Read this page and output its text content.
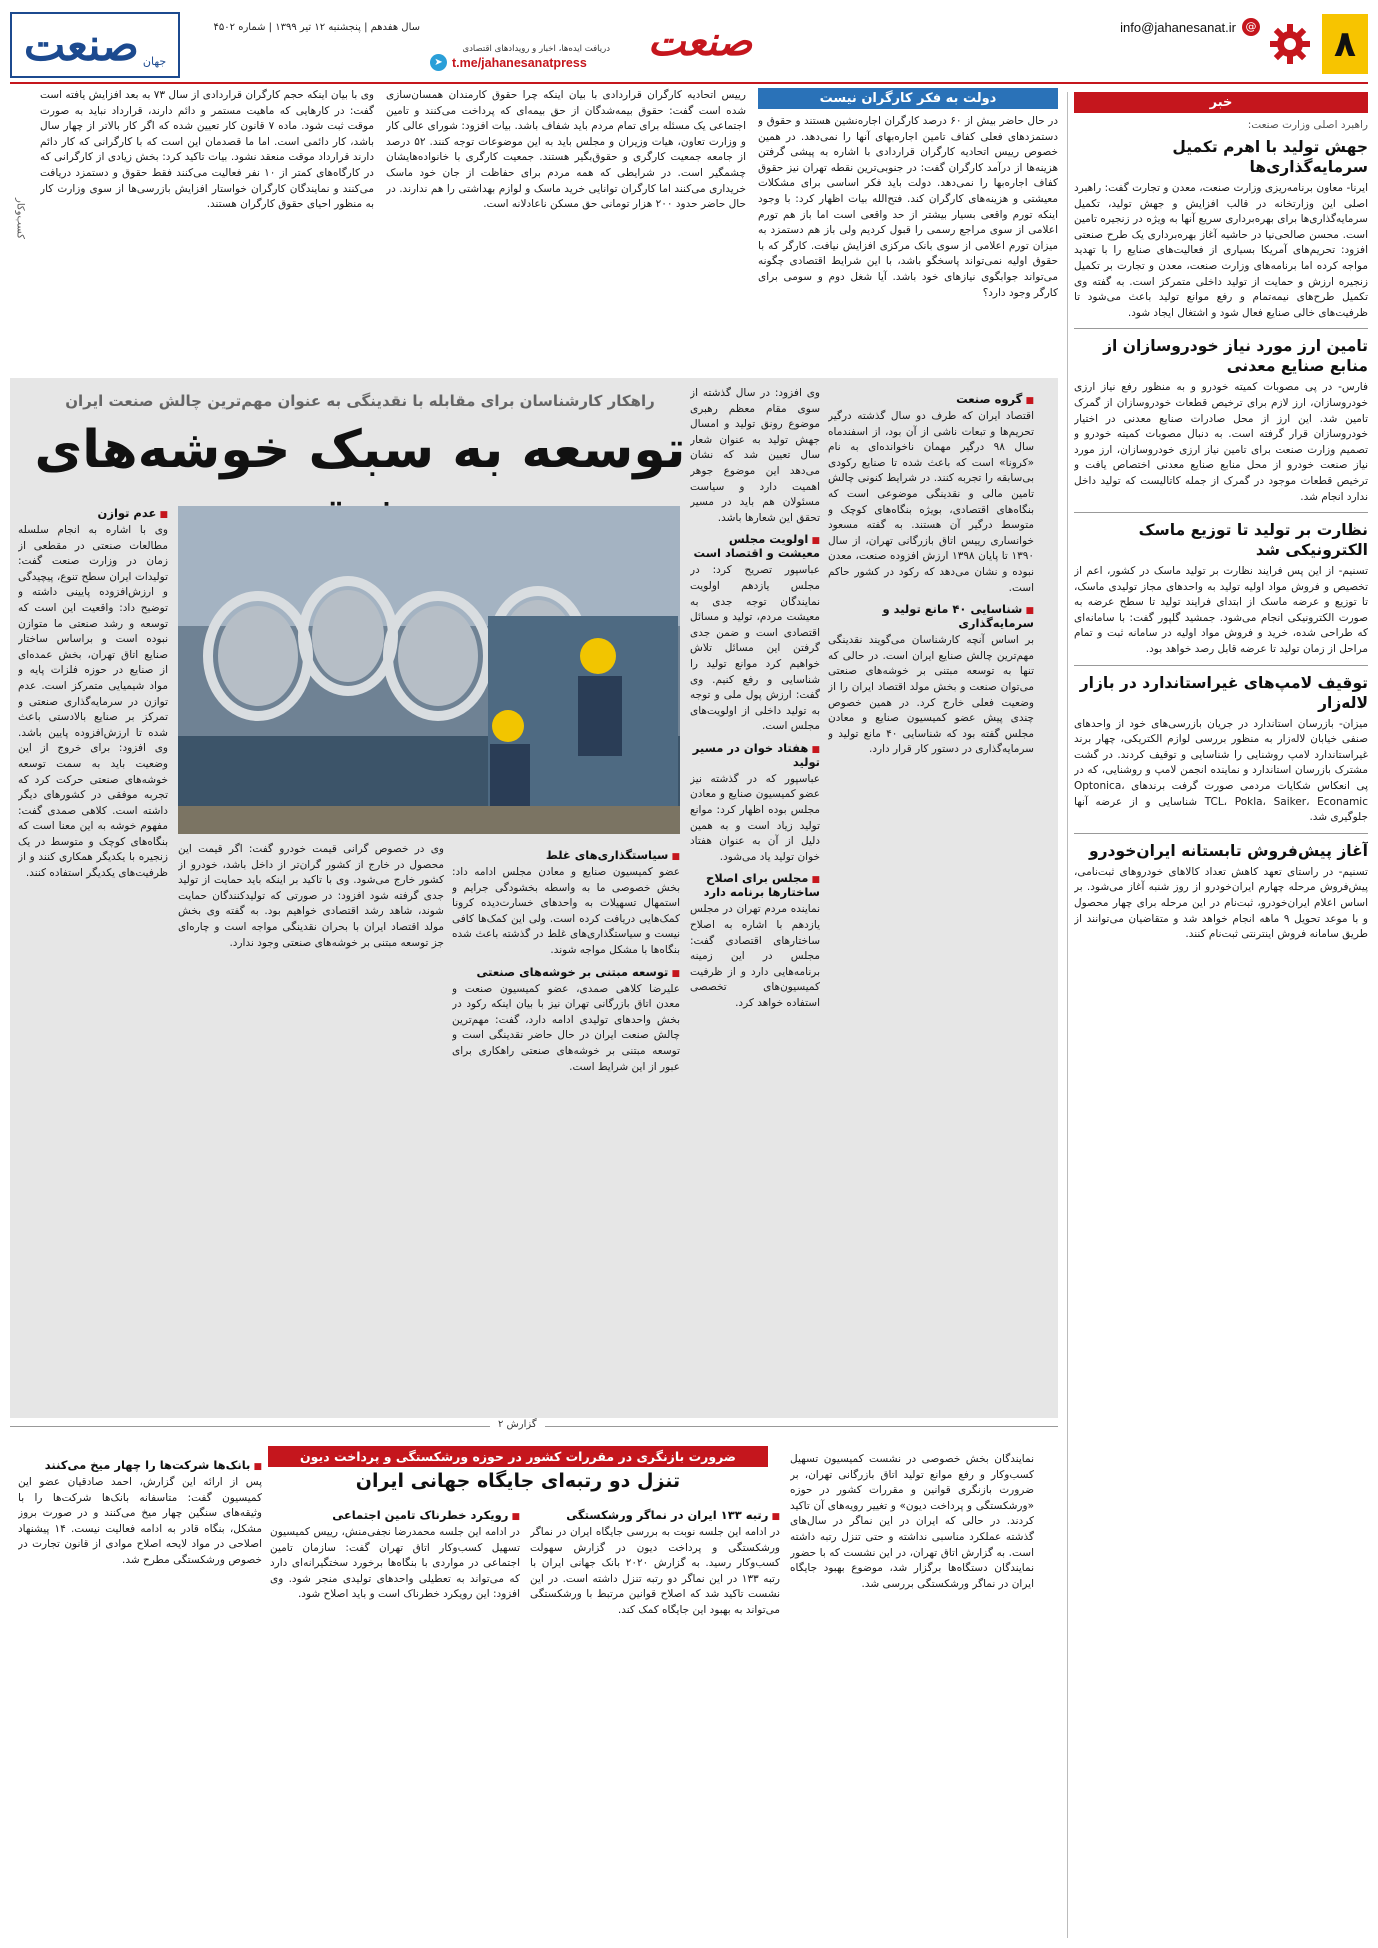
۸
info@jahanesanat.ir @
صنعت
دریافت ایده‌ها، اخبار و رویدادهای اقتصادی
t.me/jahanesanatpress
➤
سال هفدهم | پنجشنبه ۱۲ تیر ۱۳۹۹ | شماره ۴۵۰۲
جهان
صنعت
خبر
راهبرد اصلی وزارت صنعت:
جهش تولید با اهرم تکمیل سرمایه‌گذاری‌ها

ایرنا- معاون برنامه‌ریزی وزارت صنعت، معدن و تجارت گفت: راهبرد اصلی این وزارتخانه در قالب افزایش و جهش تولید، تکمیل سرمایه‌گذاری‌ها برای بهره‌برداری سریع آنها به ویژه در زنجیره تامین است. محسن صالحی‌نیا در حاشیه آغاز بهره‌برداری یک طرح صنعتی افزود: تحریم‌های آمریکا بسیاری از فعالیت‌های صنایع را با تهدید مواجه کرده اما برنامه‌های وزارت صنعت، معدن و تجارت بر تکمیل زنجیره ارزش و حمایت از تولید داخلی متمرکز است. به گفته وی تکمیل طرح‌های نیمه‌تمام و رفع موانع تولید باعث می‌شود تا ظرفیت‌های خالی صنایع فعال شود و اشتغال ایجاد شود.

تامین ارز مورد نیاز خودروسازان از منابع صنایع معدنی

فارس- در پی مصوبات کمیته خودرو و به منظور رفع نیاز ارزی خودروسازان، ارز لازم برای ترخیص قطعات خودروسازان از گمرک تامین شد. این ارز از محل صادرات صنایع معدنی در اختیار خودروسازان قرار گرفته است. به دنبال مصوبات کمیته خودرو و تصمیم وزارت صنعت برای تامین نیاز ارزی خودروسازان، ارز مورد نیاز صنعت خودرو از محل منابع صنایع معدنی اختصاص یافت و ترخیص قطعات موجود در گمرک از جمله کاتالیست که تولید داخل ندارد انجام شد.

نظارت بر تولید تا توزیع ماسک الکترونیکی شد

تسنیم- از این پس فرایند نظارت بر تولید ماسک در کشور، اعم از تخصیص و فروش مواد اولیه تولید به واحدهای مجاز تولیدی ماسک، تا توزیع و عرضه ماسک از ابتدای فرایند تولید تا سطح عرضه به صورت الکترونیکی انجام می‌شود. جمشید گلپور گفت: با سامانه‌ای که طراحی شده، خرید و فروش مواد اولیه در سامانه ثبت و تمام مراحل از زمان تولید تا عرضه قابل رصد خواهد بود.

توقیف لامپ‌های غیراستاندارد در بازار لاله‌زار

میزان- بازرسان استاندارد در جریان بازرسی‌های خود از واحدهای صنفی خیابان لاله‌زار به منظور بررسی لوازم الکتریکی، چهار برند غیراستاندارد لامپ روشنایی را شناسایی و توقیف کردند. در گشت مشترک بازرسان استاندارد و نماینده انجمن لامپ و روشنایی، که در پی انعکاس شکایات مردمی صورت گرفت برندهای Optonica، TCL، Pokla، Saiker، Econamic شناسایی و از عرضه آنها جلوگیری شد.

آغاز پیش‌فروش تابستانه ایران‌خودرو

تسنیم- در راستای تعهد کاهش تعداد کالاهای خودروهای ثبت‌نامی، پیش‌فروش مرحله چهارم ایران‌خودرو از روز شنبه آغاز می‌شود. بر اساس اعلام ایران‌خودرو، ثبت‌نام در این مرحله برای چهار محصول و با موعد تحویل ۹ ماهه انجام خواهد شد و متقاضیان می‌توانند از طریق سامانه فروش اینترنتی ثبت‌نام کنند.

دولت به فکر کارگران نیست

در حال حاضر بیش از ۶۰ درصد کارگران اجاره‌نشین هستند و حقوق و دستمزدهای فعلی کفاف تامین اجاره‌بهای آنها را نمی‌دهد. در همین خصوص رییس اتحادیه کارگران قراردادی با اشاره به پیشی گرفتن هزینه‌ها از درآمد کارگران گفت: در جنوبی‌ترین نقطه تهران نیز حقوق کفاف اجاره‌بها را نمی‌دهد. دولت باید فکر اساسی برای مشکلات معیشتی و هزینه‌های کارگران کند. فتح‌الله بیات اظهار کرد: با وجود اینکه تورم واقعی بسیار بیشتر از حد واقعی است اما باز هم تورم اعلامی از سوی مراجع رسمی را قبول کردیم ولی باز هم دستمزد به میزان تورم اعلامی از سوی بانک مرکزی افزایش نیافت. کارگر که با حقوق اولیه نمی‌تواند پاسخگو باشد، با این شرایط اقتصادی چگونه می‌تواند جوابگوی نیازهای خود باشد. آیا شغل دوم و سومی برای کارگر وجود دارد؟

رییس اتحادیه کارگران قراردادی با بیان اینکه چرا حقوق کارمندان همسان‌سازی شده است گفت: حقوق بیمه‌شدگان از حق بیمه‌ای که پرداخت می‌کنند و تامین اجتماعی یک مسئله برای تمام مردم باید شفاف باشد. بیات افزود: شورای عالی کار و وزارت تعاون، هیات وزیران و مجلس باید به این موضوعات توجه کنند. ۵۲ درصد از جامعه جمعیت کارگری و حقوق‌بگیر هستند. جمعیت کارگری با خانواده‌هایشان چشمگیر است. در شرایطی که همه مردم برای حفاظت از جان خود ماسک خریداری می‌کنند اما کارگران توانایی خرید ماسک و لوازم بهداشتی را هم ندارند. در حال حاضر حدود ۲۰۰ هزار تومانی حق مسکن ناعادلانه است.

وی با بیان اینکه حجم کارگران قراردادی از سال ۷۳ به بعد افزایش یافته است گفت: در کارهایی که ماهیت مستمر و دائم دارند، قرارداد نباید به صورت موقت ثبت شود. ماده ۷ قانون کار تعیین شده که اگر کار بالاتر از چهار سال باشد، کار دائمی است. اما ما قصدمان این است که با کارگرانی که کار دائم دارند قرارداد موقت منعقد نشود. بیات تاکید کرد: بخش زیادی از کارگرانی که در کارگاه‌های کمتر از ۱۰ نفر فعالیت می‌کنند فقط حقوق و دستمزد دریافت می‌کنند و نمایندگان کارگران خواستار افزایش بازرسی‌ها از سوی وزارت کار به منظور احیای حقوق کارگران هستند.

کسب‌وکار
راهکار کارشناسان برای مقابله با نقدینگی به عنوان مهم‌ترین چالش صنعت ایران
توسعه به سبک خوشه‌های
■ گروه صنعت

اقتصاد ایران که طرف دو سال گذشته درگیر تحریم‌ها و تبعات ناشی از آن بود، از اسفندماه سال ۹۸ درگیر مهمان ناخوانده‌ای به نام «کرونا» است که باعث شده تا صنایع رکودی بی‌سابقه را تجربه کنند. در شرایط کنونی چالش تامین مالی و نقدینگی موضوعی است که بنگاه‌های اقتصادی، بویژه بنگاه‌های کوچک و متوسط درگیر آن هستند. به گفته مسعود خوانساری رییس اتاق بازرگانی تهران، از سال ۱۳۹۰ تا پایان ۱۳۹۸ ارزش افزوده صنعت، معدن نبوده و نشان می‌دهد که رکود در کشور حاکم است.

■ شناسایی ۴۰ مانع تولید و سرمایه‌گذاری

بر اساس آنچه کارشناسان می‌گویند نقدینگی مهم‌ترین چالش صنایع ایران است. در حالی که تنها به توسعه مبتنی بر خوشه‌های صنعتی می‌توان صنعت و بخش مولد اقتصاد ایران را از وضعیت فعلی خارج کرد. در همین خصوص چندی پیش عضو کمیسیون صنایع و معادن مجلس گفته بود که شناسایی ۴۰ مانع تولید و سرمایه‌گذاری در دستور کار قرار دارد.

وی افزود: در سال گذشته از سوی مقام معظم رهبری موضوع رونق تولید و امسال جهش تولید به عنوان شعار سال تعیین شد که نشان می‌دهد این موضوع جوهر اهمیت دارد و سیاست مسئولان هم باید در مسیر تحقق این شعارها باشد.

■ اولویت مجلس معیشت و اقتصاد است

عباسپور تصریح کرد: در مجلس یازدهم اولویت نمایندگان توجه جدی به معیشت مردم، تولید و مسائل اقتصادی است و ضمن جدی گرفتن این مسائل تلاش خواهیم کرد موانع تولید را شناسایی و رفع کنیم. وی گفت: ارزش پول ملی و توجه به تولید داخلی از اولویت‌های مجلس است.

■ هفتاد خوان در مسیر تولید

عباسپور که در گذشته نیز عضو کمیسیون صنایع و معادن مجلس بوده اظهار کرد: موانع تولید زیاد است و به همین دلیل از آن به عنوان هفتاد خوان تولید یاد می‌شود.

■ مجلس برای اصلاح ساختارها برنامه دارد

نماینده مردم تهران در مجلس یازدهم با اشاره به اصلاح ساختارهای اقتصادی گفت: مجلس در این زمینه برنامه‌هایی دارد و از ظرفیت کمیسیون‌های تخصصی استفاده خواهد کرد.

■ سیاستگذاری‌های غلط

عضو کمیسیون صنایع و معادن مجلس ادامه داد: بخش خصوصی ما به واسطه بخشودگی جرایم و استمهال تسهیلات به ‌واحدهای خسارت‌دیده کرونا کمک‌هایی دریافت کرده است. ولی این کمک‌ها کافی نیست و سیاستگذاری‌های غلط در گذشته باعث شده بنگاه‌ها با مشکل مواجه شوند.

■ توسعه مبتنی بر خوشه‌های صنعتی

علیرضا کلاهی صمدی، عضو کمیسیون صنعت و معدن اتاق بازرگانی تهران نیز با بیان اینکه رکود در بخش واحدهای تولیدی ادامه دارد، گفت: مهم‌ترین چالش صنعت ایران در حال حاضر نقدینگی است و توسعه مبتنی بر خوشه‌های صنعتی راهکاری برای عبور از این شرایط است.

وی در خصوص گرانی قیمت خودرو گفت: اگر قیمت این محصول در خارج از کشور گران‌تر از داخل باشد، خودرو از کشور خارج می‌شود. وی با تاکید بر اینکه باید حمایت از تولید جدی گرفته شود افزود: در صورتی که تولیدکنندگان حمایت شوند، شاهد رشد اقتصادی خواهیم بود. به گفته وی بخش مولد اقتصاد ایران با بحران نقدینگی مواجه است و چاره‌ای جز توسعه مبتنی بر خوشه‌های صنعتی وجود ندارد.

■ عدم توازن

وی با اشاره به انجام سلسله مطالعات صنعتی در مقطعی از زمان در وزارت صنعت گفت: تولیدات ایران سطح تنوع، پیچیدگی و ارزش‌افزوده پایینی داشته و توضیح داد: واقعیت این است که توسعه و رشد صنعتی ما متوازن نبوده است و براساس ساختار صنایع اتاق تهران، بخش عمده‌ای از صنایع در حوزه فلزات پایه و مواد شیمیایی متمرکز است. عدم توازن در سرمایه‌گذاری صنعتی و تمرکز بر صنایع بالادستی باعث شده تا ارزش‌افزوده پایین باشد. وی افزود: برای خروج از این وضعیت باید به سمت توسعه خوشه‌های صنعتی حرکت کرد که تجربه موفقی در کشورهای دیگر داشته است. کلاهی صمدی گفت: مفهوم خوشه به این معنا است که بنگاه‌های کوچک و متوسط در یک زنجیره با یکدیگر همکاری کنند و از ظرفیت‌های یکدیگر استفاده کنند.

گزارش ۲
ضرورت بازنگری در مقررات کشور در حوزه ورشکستگی و پرداخت دیون
تنزل دو رتبه‌ای جایگاه جهانی ایران

نمایندگان بخش خصوصی در نشست کمیسیون تسهیل کسب‌وکار و رفع موانع تولید اتاق بازرگانی تهران، بر ضرورت بازنگری قوانین و مقررات کشور در حوزه «ورشکستگی و پرداخت دیون» و تغییر رویه‌های آن تاکید کردند. در حالی که ایران در این نماگر در سال‌های گذشته عملکرد مناسبی نداشته و حتی تنزل رتبه داشته است. به گزارش اتاق تهران، در این نشست که با حضور نمایندگان دستگاه‌ها برگزار شد، موضوع بهبود جایگاه ایران در نماگر ورشکستگی بررسی شد.

■ رتبه ۱۳۳ ایران در نماگر ورشکستگی

در ادامه این جلسه نوبت به بررسی جایگاه ایران در نماگر ورشکستگی و پرداخت دیون در گزارش سهولت کسب‌وکار رسید. به گزارش ۲۰۲۰ بانک جهانی ایران با رتبه ۱۳۳ در این نماگر دو رتبه تنزل داشته است. در این نشست تاکید شد که اصلاح قوانین مرتبط با ورشکستگی می‌تواند به بهبود این جایگاه کمک کند.

■ رویکرد خطرناک تامین اجتماعی

در ادامه این جلسه محمدرضا نجفی‌منش، رییس کمیسیون تسهیل کسب‌وکار اتاق تهران گفت: سازمان تامین اجتماعی در مواردی با بنگاه‌ها برخورد سختگیرانه‌ای دارد که می‌تواند به تعطیلی واحدهای تولیدی منجر شود. وی افزود: این رویکرد خطرناک است و باید اصلاح شود.

■ بانک‌ها شرکت‌ها را چهار میخ می‌کنند

پس از ارائه این گزارش، احمد صادقیان عضو این کمیسیون گفت: متاسفانه بانک‌ها شرکت‌ها را با وثیقه‌های سنگین چهار میخ می‌کنند و در صورت بروز مشکل، بنگاه قادر به ادامه فعالیت نیست. ۱۴ پیشنهاد اصلاحی در مواد لایحه اصلاح موادی از قانون تجارت در خصوص ورشکستگی مطرح شد.
